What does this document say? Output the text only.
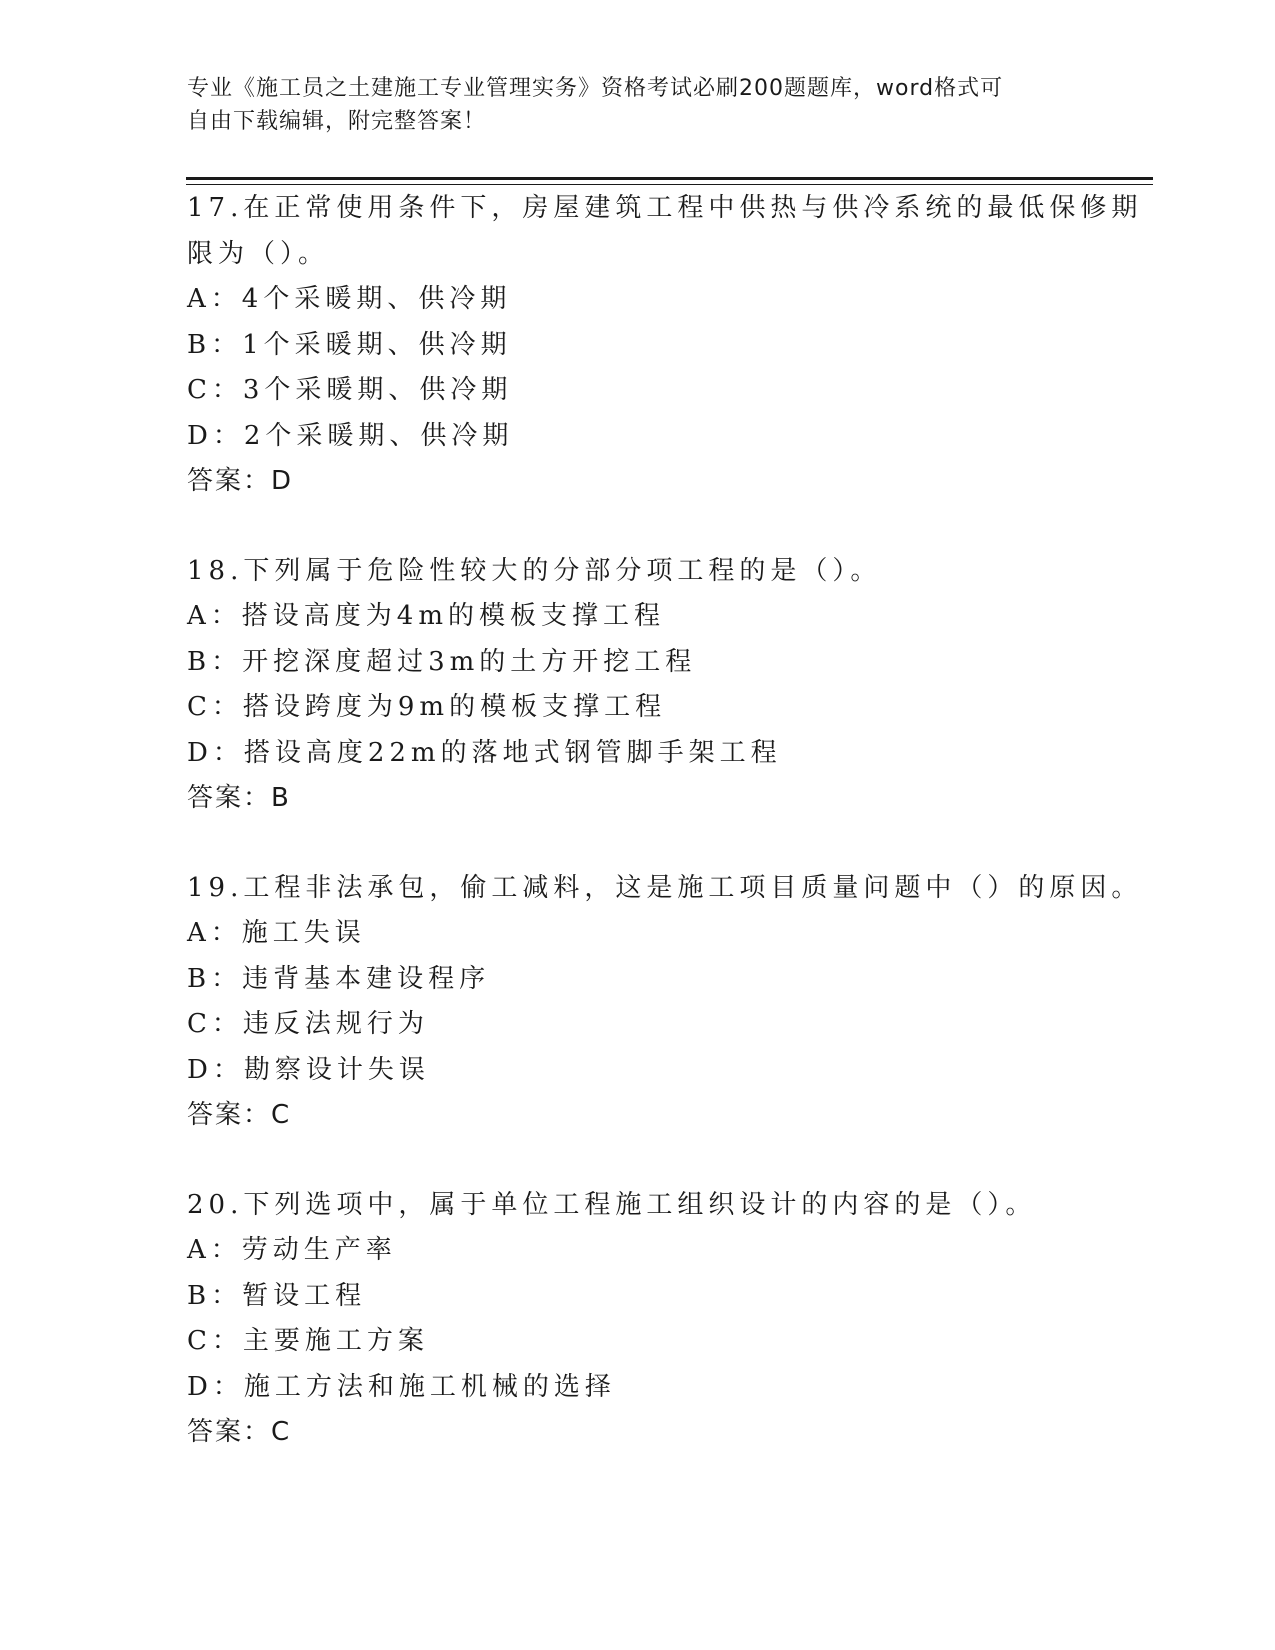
专业《施工员之土建施工专业管理实务》资格考试必刷200题题库，word格式可
自由下载编辑，附完整答案！
17.在正常使用条件下，房屋建筑工程中供热与供冷系统的最低保修期
限为（）。
A：4个采暖期、供冷期
B：1个采暖期、供冷期
C：3个采暖期、供冷期
D：2个采暖期、供冷期
答案：D
18.下列属于危险性较大的分部分项工程的是（）。
A：搭设高度为4m的模板支撑工程
B：开挖深度超过3m的土方开挖工程
C：搭设跨度为9m的模板支撑工程
D：搭设高度22m的落地式钢管脚手架工程
答案：B
19.工程非法承包，偷工减料，这是施工项目质量问题中（）的原因。
A：施工失误
B：违背基本建设程序
C：违反法规行为
D：勘察设计失误
答案：C
20.下列选项中，属于单位工程施工组织设计的内容的是（）。
A：劳动生产率
B：暂设工程
C：主要施工方案
D：施工方法和施工机械的选择
答案：C
